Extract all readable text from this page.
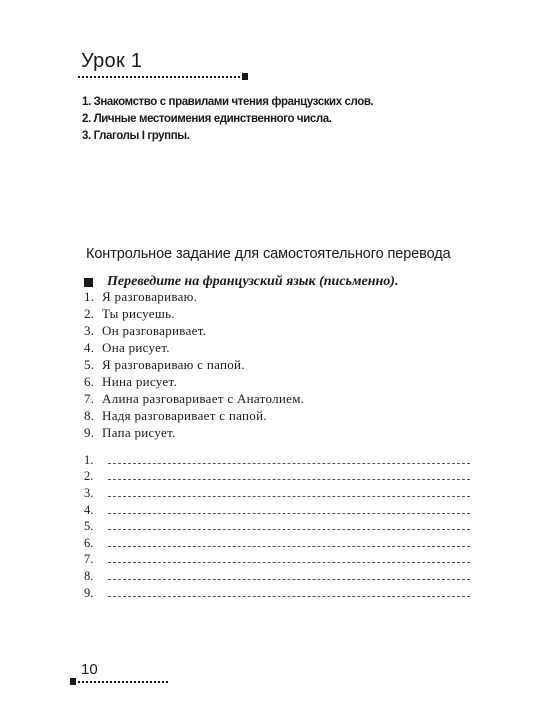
Урок 1
1. Знакомство с правилами чтения французских слов.
2. Личные местоимения единственного числа.
3. Глаголы I группы.
Контрольное задание для самостоятельного перевода
Переведите на французский язык (письменно).
1. Я разговариваю.
2. Ты рисуешь.
3. Он разговаривает.
4. Она рисует.
5. Я разговариваю с папой.
6. Нина рисует.
7. Алина разговаривает с Анатолием.
8. Надя разговаривает с папой.
9. Папа рисует.
1.
2.
3.
4.
5.
6.
7.
8.
9.
10
